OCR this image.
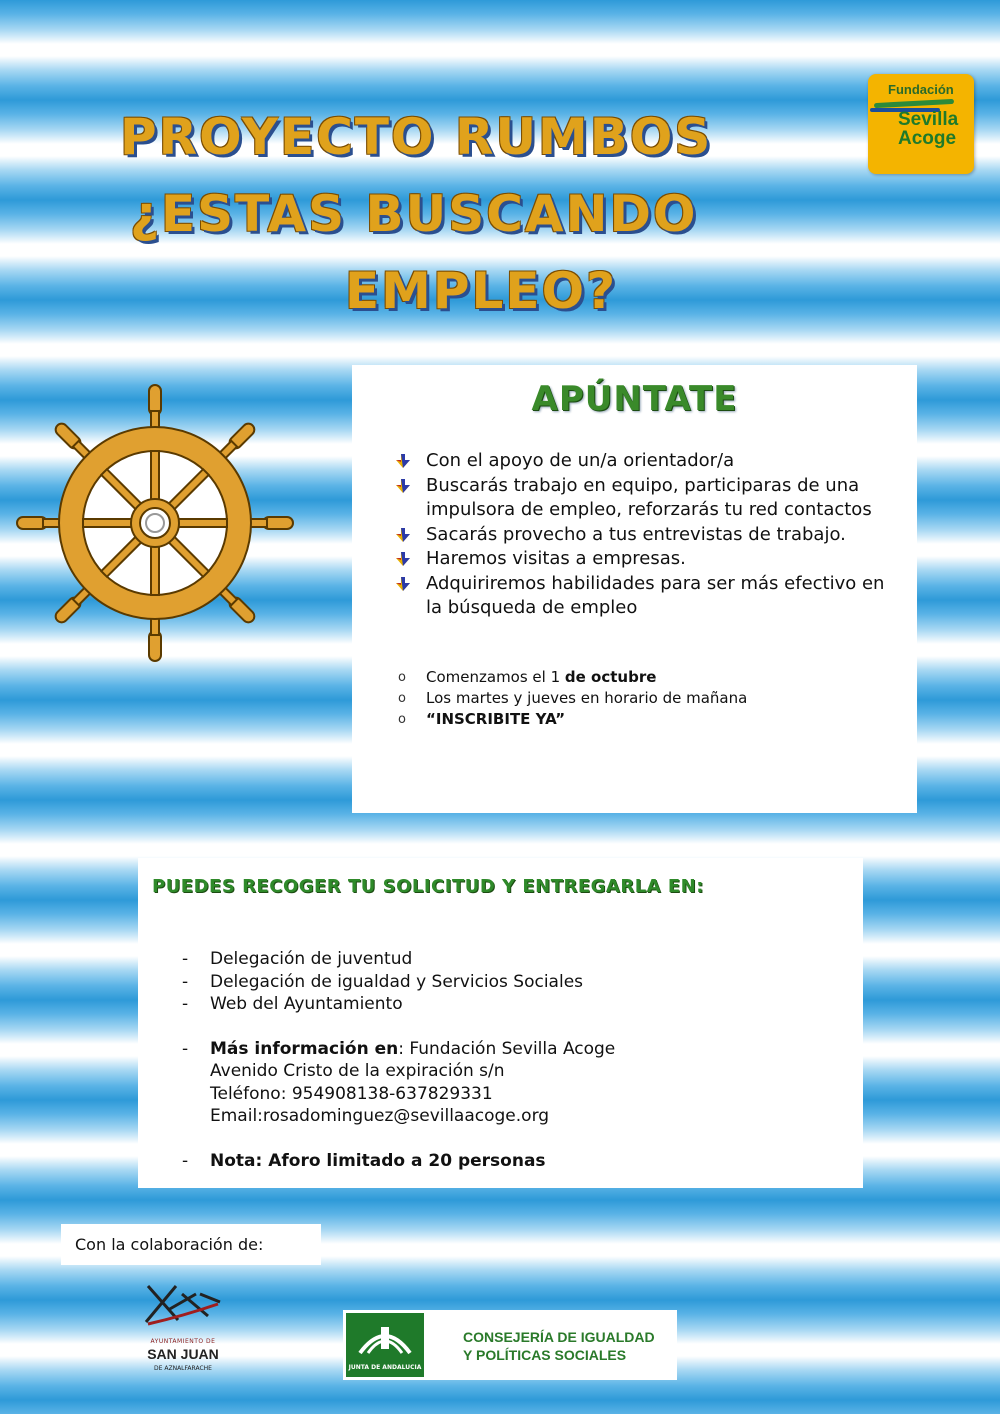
PROYECTO RUMBOS
¿ESTAS BUSCANDO
EMPLEO?
Fundación
Sevilla
Acoge
APÚNTATE
Con el apoyo de un/a orientador/a
Buscarás trabajo en equipo, participaras de una impulsora de empleo, reforzarás tu red contactos
Sacarás provecho a tus entrevistas de trabajo.
Haremos visitas a empresas.
Adquiriremos habilidades para ser más efectivo en la búsqueda de empleo
o Comenzamos el 1 de octubre
o Los martes y jueves en horario de mañana
o “INSCRIBITE YA”
PUEDES RECOGER TU SOLICITUD Y ENTREGARLA EN:
- Delegación de juventud
- Delegación de igualdad y Servicios Sociales
- Web del Ayuntamiento
- Más información en: Fundación Sevilla Acoge
Avenido Cristo de la expiración s/n
Teléfono: 954908138-637829331
Email:rosadominguez@sevillaacoge.org
- Nota: Aforo limitado a 20 personas
Con la colaboración de:
AYUNTAMIENTO DE
SAN JUAN
DE AZNALFARACHE	JUNTA DE ANDALUCIA
CONSEJERÍA DE IGUALDAD
Y POLÍTICAS SOCIALES
